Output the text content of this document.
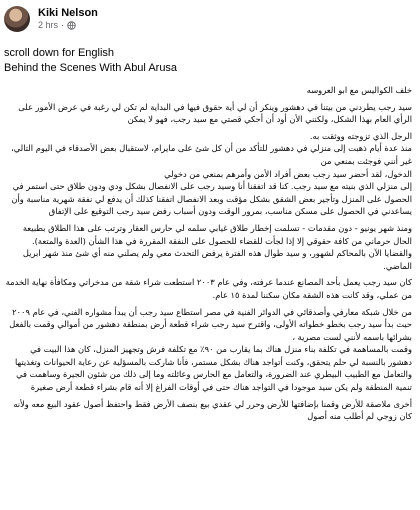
Kiki Nelson
2 hrs ·
scroll down for English
Behind the Scenes With Abul Arusa

خلف الكواليس مع ابو العروسه

سيد رجب يطردني من بيتنا في دهشور وينكر أن لي أية حقوق فيها في البداية لم تكن لي رغبة في عرض الأمور على الرأي العام بهذا الشكل، ولكنني الأن أود أن أحكي قصتي مع سيد رجب، فهو لا يمكن

الرجل الذي تزوجته ووثقت به.

منذ عدة أيام ذهبت إلى منزلي في دهشور للتأكد من أن كل شئ على مايرام، لاستقبال بعض الأصدقاء في اليوم التالي، غير أنني فوجئت بمنعي من

الدخول، لقد أحضر سيد رجب بعض أفراد الأمن وأمرهم بمنعي من دخولي

إلى منزلي الذي بنيته مع سيد رجب. كنا قد اتفقنا أنا وسيد رجب على الانفصال بشكل ودي ودون طلاق حتى استمر في الحصول على المنزل وتأجير بعض الشقق بشكل مؤقت وبعد الانفصال اتفقنا كذلك أن يدفع لي نفقة شهرية مناسبة وأن يساعدني في الحصول على مسكن مناسب، بمرور الوقت ودون أسباب رفض سيد رجب التوقيع على الإتفاق

ومنذ شهر يونيو - دون مقدمات - تسلمت إخطار طلاق غيابي سلمه لي حارس العقار وترتب على هذا الطلاق بطبيعة الحال حرماني من كافة حقوقي إلا إذا لجأت للقضاء للحصول على النفقة المقررة في هذا الشأن (العدة والمتعة).

والقضايا الآن بالمحاكم لشهور، و سيد طوال هذه الفترة يرفض التحدث معي ولم يصلني منه أي شئ منذ شهر ابريل الماضي.

كان سيد رجب يعمل بأحد المصانع عندما عرفته، وفي عام ٢٠٠٣ استطعت شراء شقة من مدخراتي ومكافأة نهاية الخدمة من عملي، وقد كانت هذه الشقة مكان سكننا لمدة ١٥ عام.

من خلال شبكة معارفي وأصدقائي في الدوائر الفنية في مصر استطاع سيد رجب أن يبدأ مشواره الفني، في عام ٢٠٠٩ حيث بدأ سيد رجب بخطو خطواته الأولى، واقترح سيد رجب شراء قطعة أرض بمنطقة دهشور من أموالي وقمت بالفعل بشرائها باسمه لأنني لست مصرية ،

وقمت بالمساهمة في تكلفة بناء منزل هناك بما يقارب من ٩٠٪ مع تكلفة فرش وتجهيز المنزل، كان هذا البيت في دهشور بالنسبة لي حلم يتحقق، وكنت أتواجد هناك بشكل مستمر، فأنا شاركت بالمسؤلية عن رعاية الحيوانات وتغذيتها والتعامل مع الطبيب البيطري عند الضرورة، والتعامل مع الحارس وعائلته وما إلى ذلك من شئون الجيرة وساهمت في تنمية المنطقة ولم يكن سيد موجودا في التواجد هناك حتى في أوقات الفراغ إلا أنه قام بشراء قطعة أرض صغيرة

أخرى ملاصقة للأرض وقمنا بإضافتها للأرض وحرر لي عقدي بيع بنصف الأرض فقط واحتفظ أصول عقود البيع معه ولأنه كان زوجي لم أطلب منه أصول
